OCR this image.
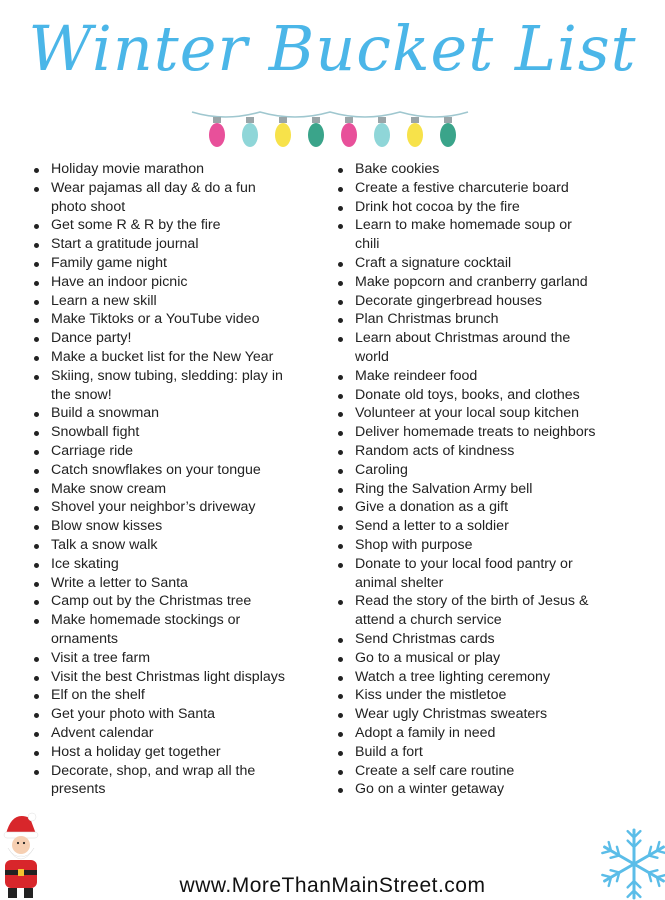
Winter Bucket List
Holiday movie marathon
Wear pajamas all day & do a fun photo shoot
Get some R & R by the fire
Start a gratitude journal
Family game night
Have an indoor picnic
Learn a new skill
Make Tiktoks or a YouTube video
Dance party!
Make a bucket list for the New Year
Skiing, snow tubing, sledding: play in the snow!
Build a snowman
Snowball fight
Carriage ride
Catch snowflakes on your tongue
Make snow cream
Shovel your neighbor’s driveway
Blow snow kisses
Talk a snow walk
Ice skating
Write a letter to Santa
Camp out by the Christmas tree
Make homemade stockings or ornaments
Visit a tree farm
Visit the best Christmas light displays
Elf on the shelf
Get your photo with Santa
Advent calendar
Host a holiday get together
Decorate, shop, and wrap all the presents
Bake cookies
Create a festive charcuterie board
Drink hot cocoa by the fire
Learn to make homemade soup or chili
Craft a signature cocktail
Make popcorn and cranberry garland
Decorate gingerbread houses
Plan Christmas brunch
Learn about Christmas around the world
Make reindeer food
Donate old toys, books, and clothes
Volunteer at your local soup kitchen
Deliver homemade treats to neighbors
Random acts of kindness
Caroling
Ring the Salvation Army bell
Give a donation as a gift
Send a letter to a soldier
Shop with purpose
Donate to your local food pantry or animal shelter
Read the story of the birth of Jesus & attend a church service
Send Christmas cards
Go to a musical or play
Watch a tree lighting ceremony
Kiss under the mistletoe
Wear ugly Christmas sweaters
Adopt a family in need
Build a fort
Create a self care routine
Go on a winter getaway
www.MoreThanMainStreet.com
